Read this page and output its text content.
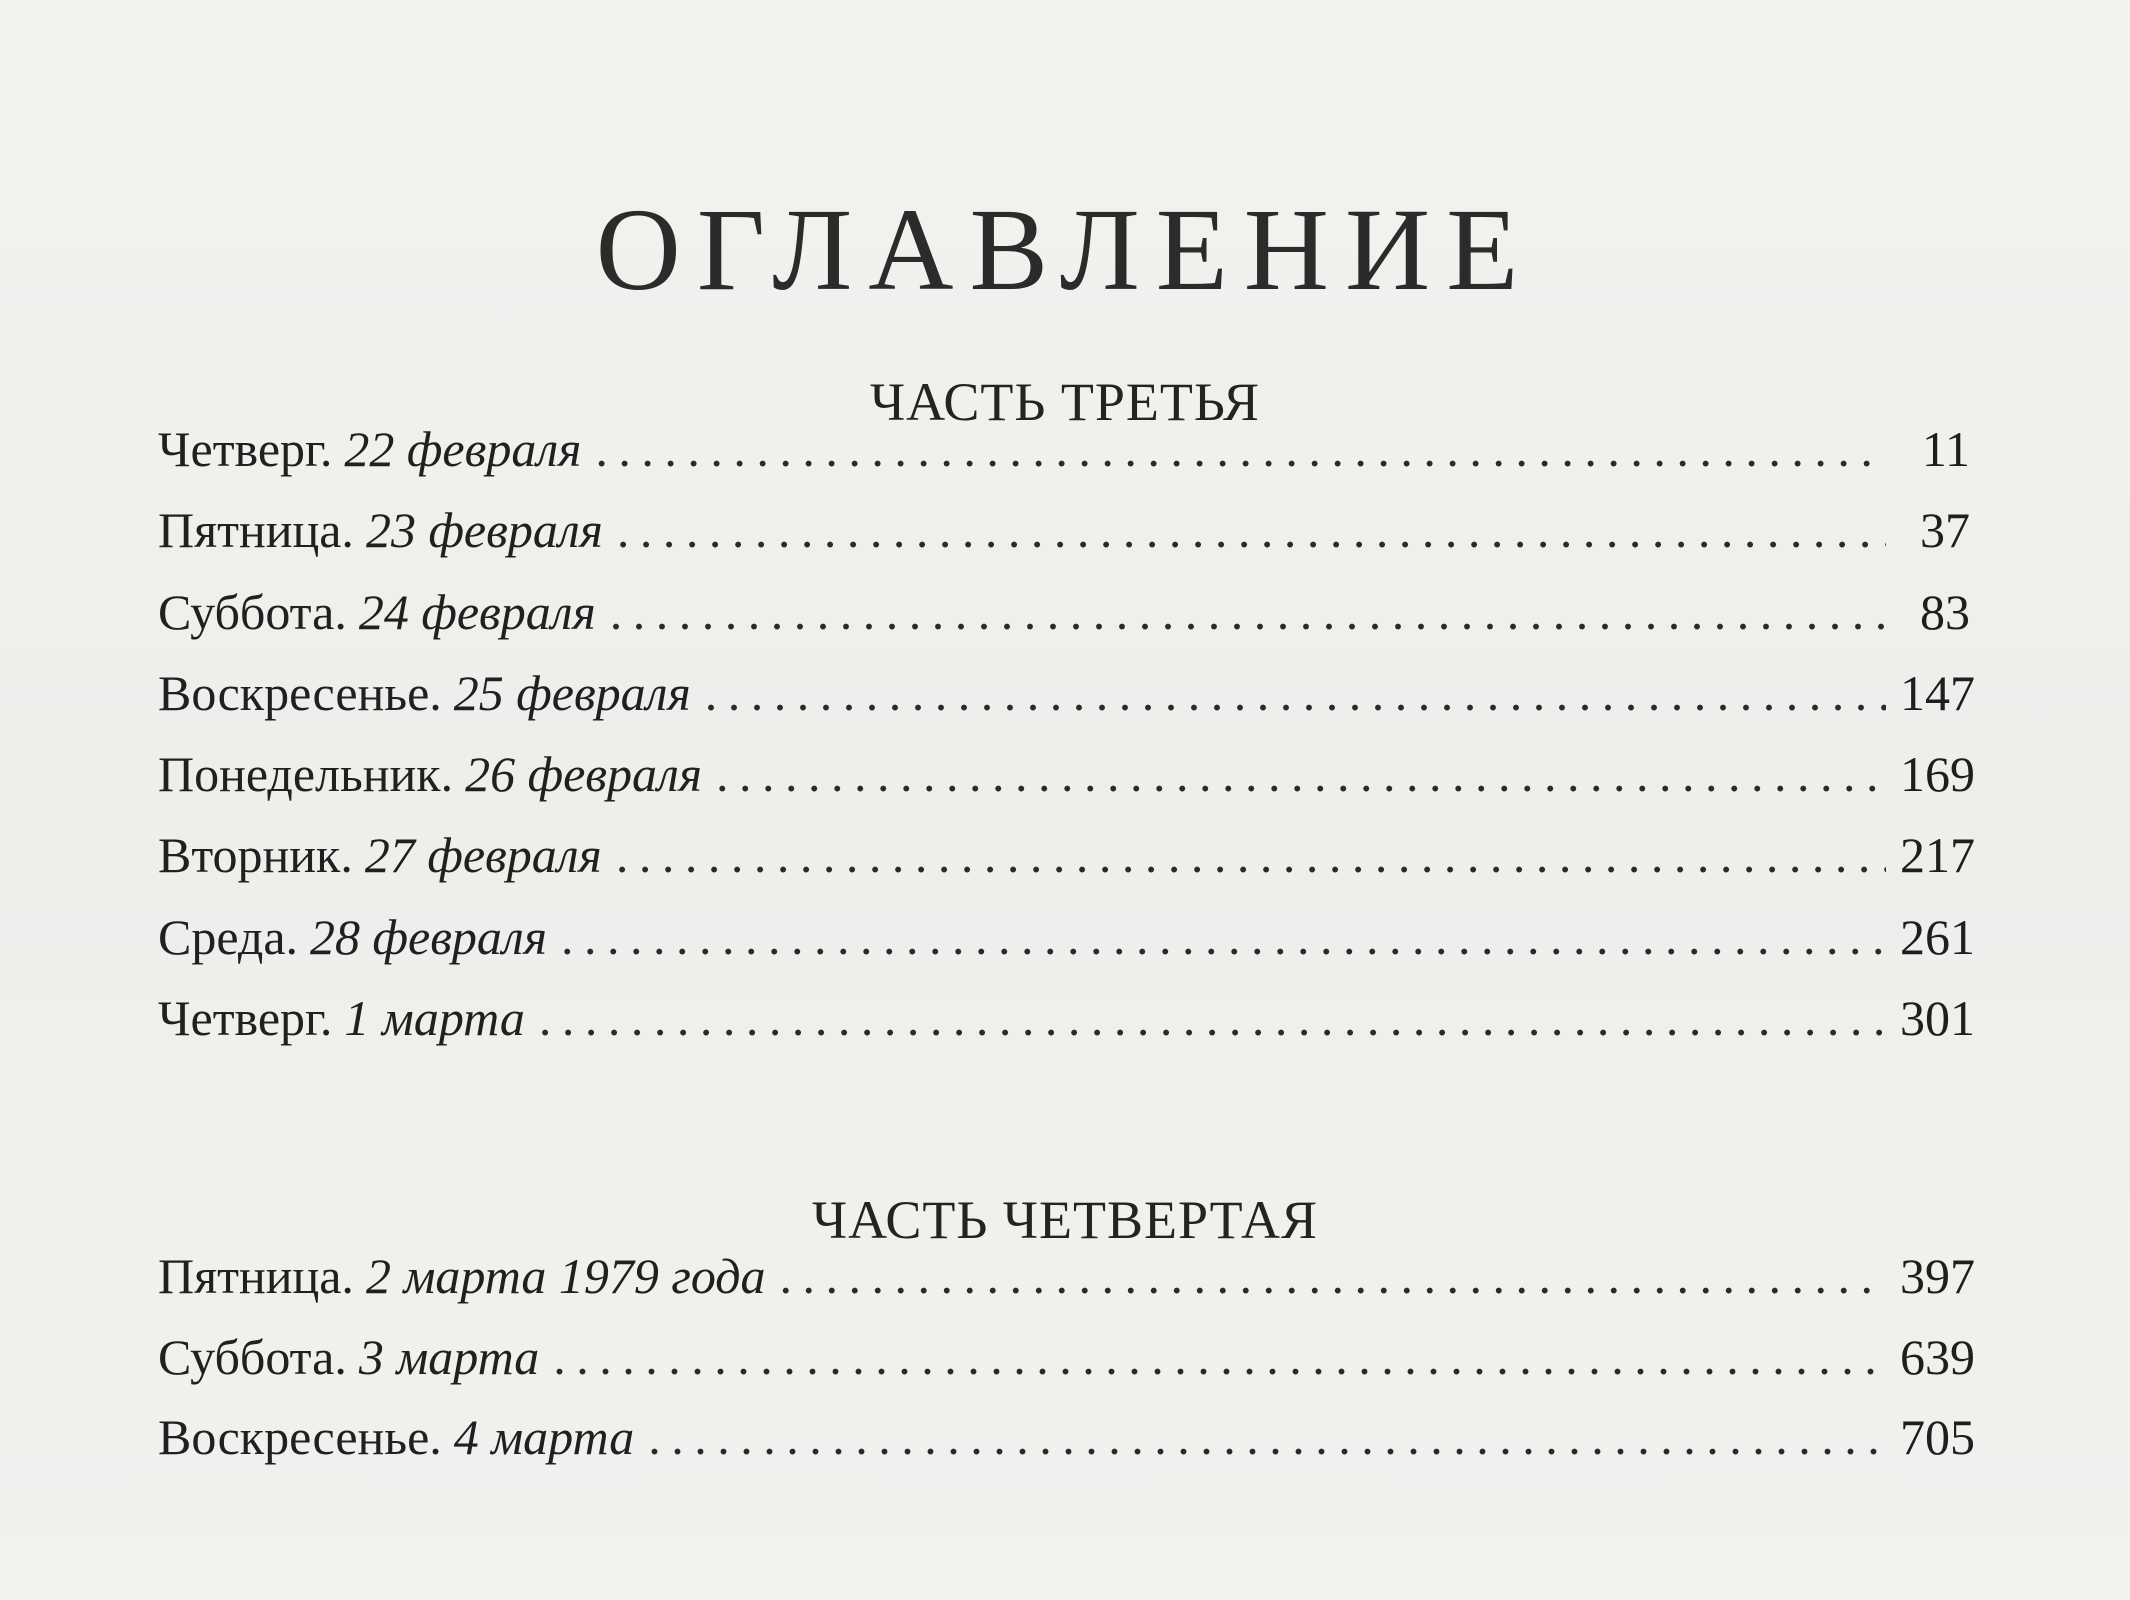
ОГЛАВЛЕНИЕ
ЧАСТЬ ТРЕТЬЯ
Четверг. 22 февраля . . .	11
Пятница. 23 февраля . . .	37
Суббота. 24 февраля . . .	83
Воскресенье. 25 февраля . . .	147
Понедельник. 26 февраля . . .	169
Вторник. 27 февраля . . .	217
Среда. 28 февраля . . .	261
Четверг. 1 марта . . .	301
ЧАСТЬ ЧЕТВЕРТАЯ
Пятница. 2 марта 1979 года . . .	397
Суббота. 3 марта . . .	639
Воскресенье. 4 марта . . .	705
